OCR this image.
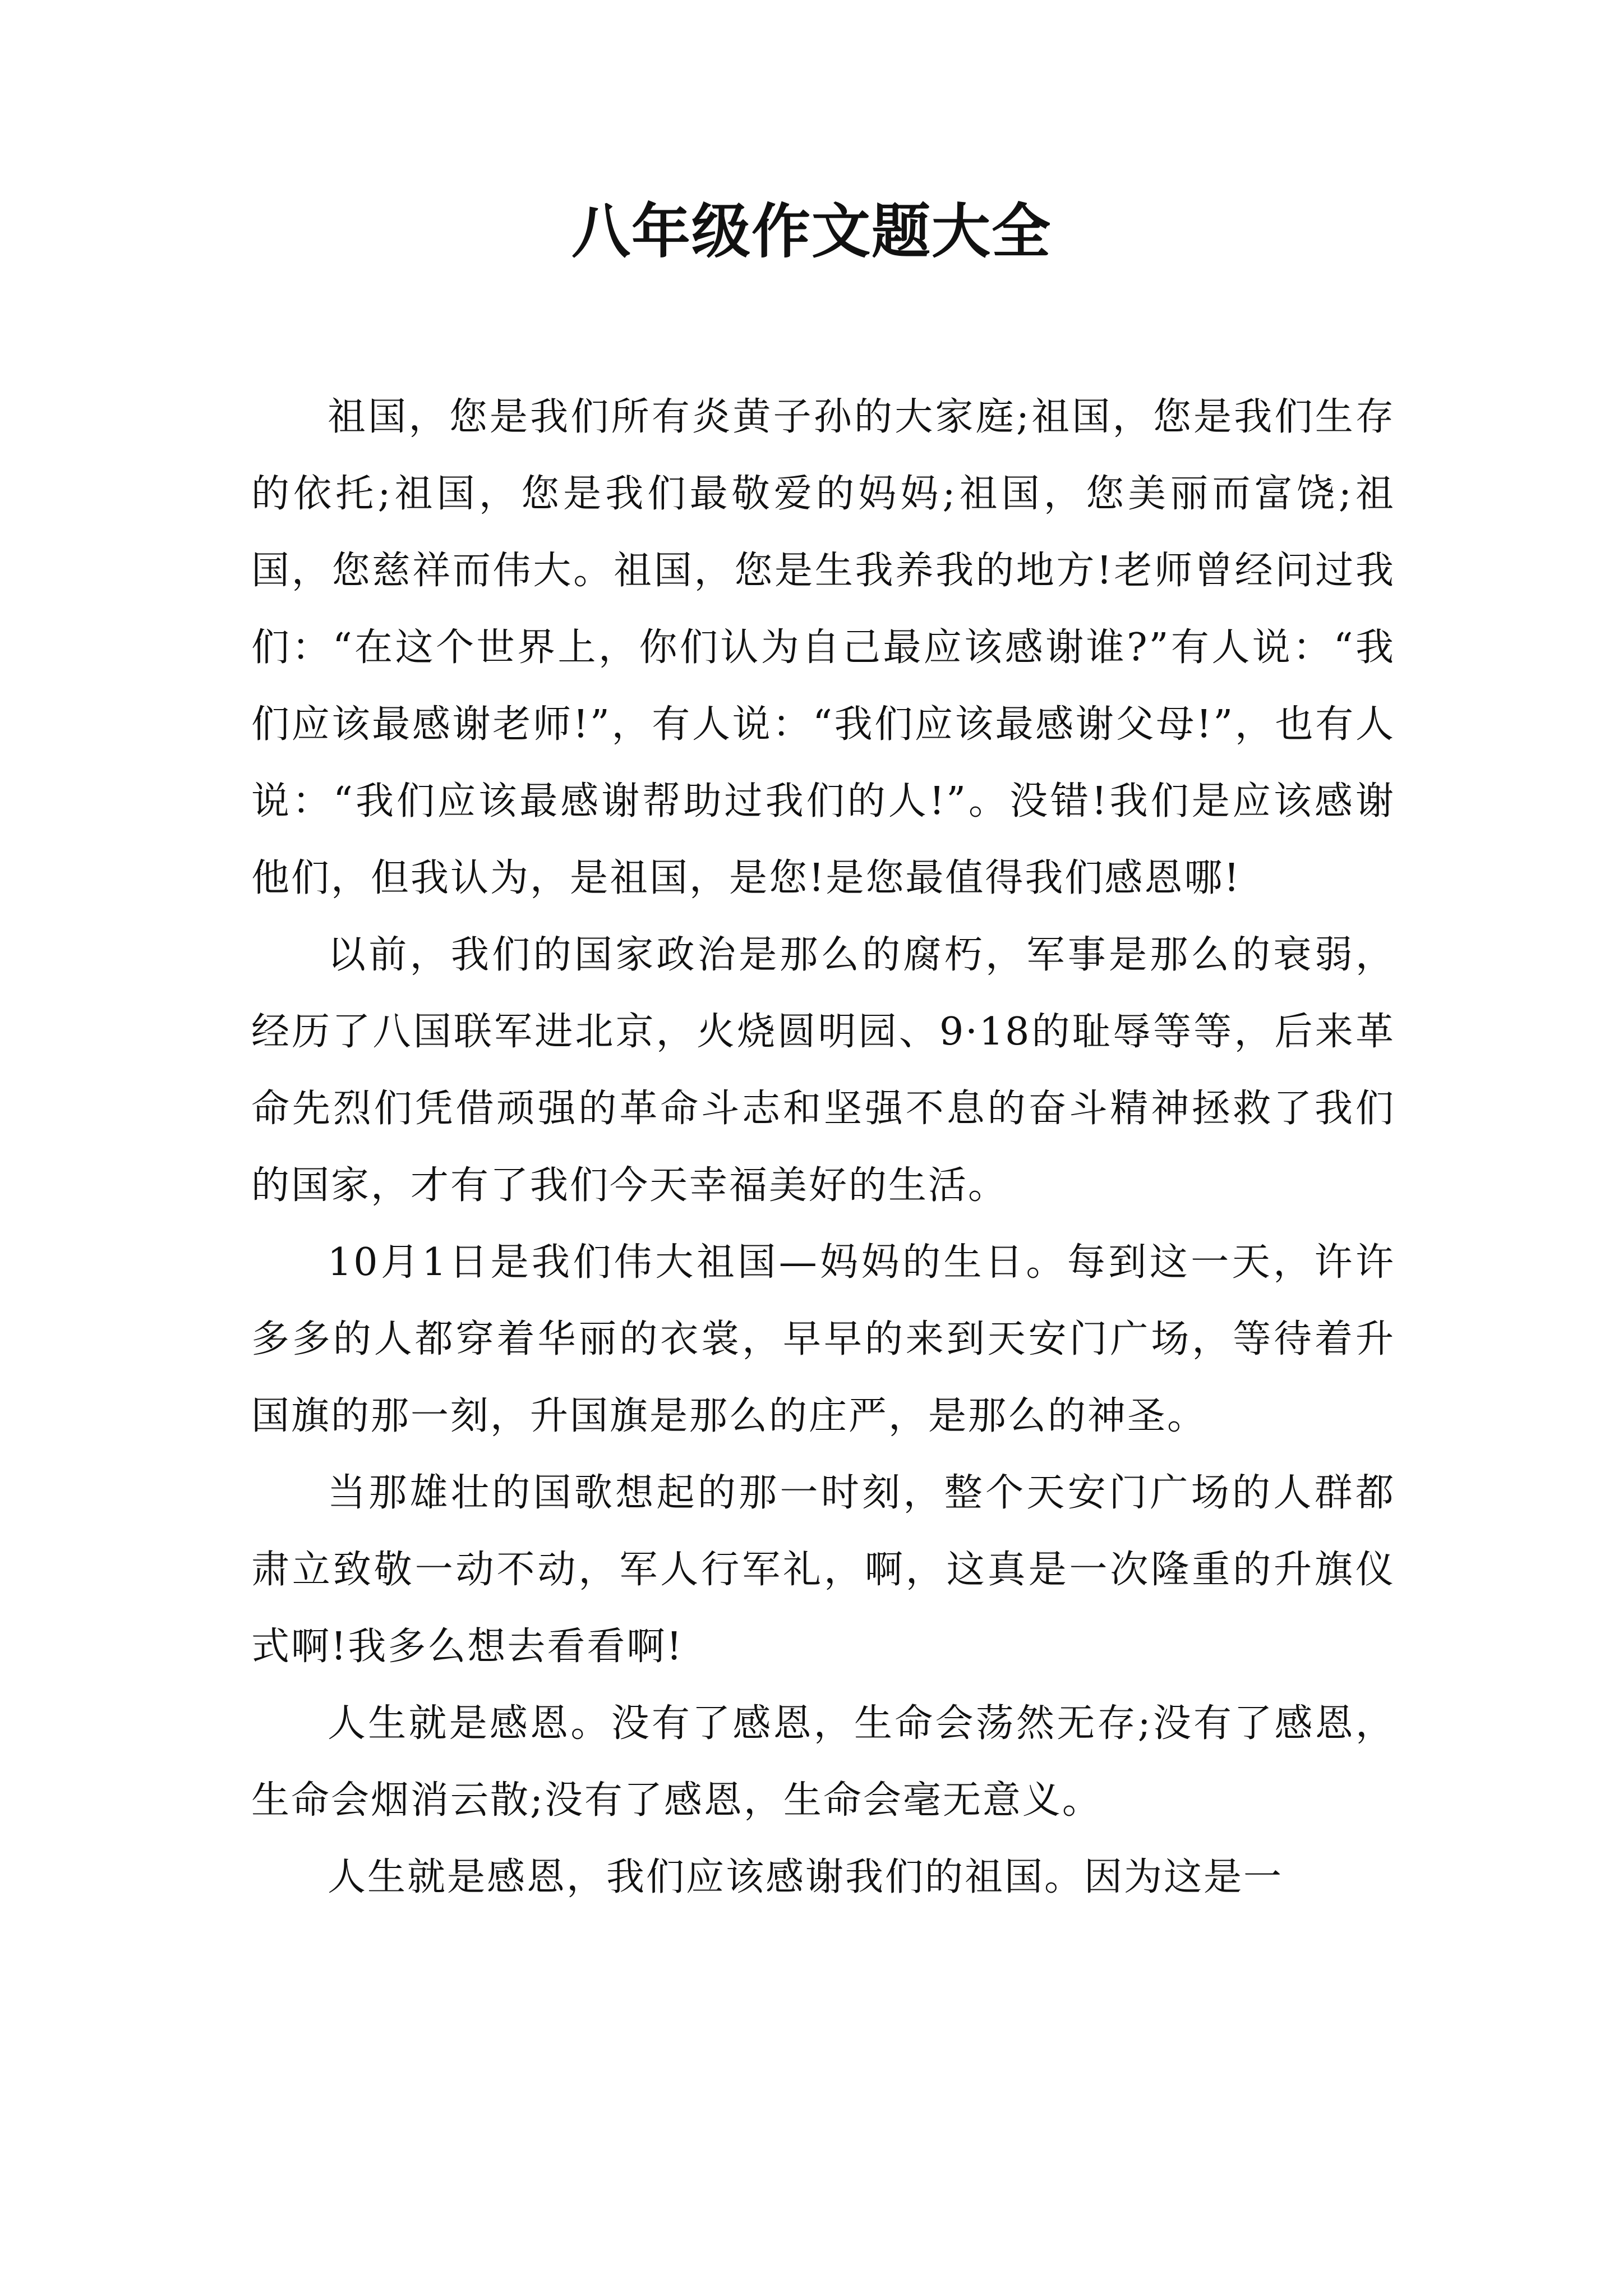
八年级作文题大全

祖国，您是我们所有炎黄子孙的大家庭;祖国，您是我们生存的依托;祖国，您是我们最敬爱的妈妈;祖国，您美丽而富饶;祖国，您慈祥而伟大。祖国，您是生我养我的地方!老师曾经问过我们：“在这个世界上，你们认为自己最应该感谢谁?”有人说：“我们应该最感谢老师!”，有人说：“我们应该最感谢父母!”，也有人说：“我们应该最感谢帮助过我们的人!”。没错!我们是应该感谢他们，但我认为，是祖国，是您!是您最值得我们感恩哪!

以前，我们的国家政治是那么的腐朽，军事是那么的衰弱，经历了八国联军进北京，火烧圆明园、9·18的耻辱等等，后来革命先烈们凭借顽强的革命斗志和坚强不息的奋斗精神拯救了我们的国家，才有了我们今天幸福美好的生活。

10月1日是我们伟大祖国—妈妈的生日。每到这一天，许许多多的人都穿着华丽的衣裳，早早的来到天安门广场，等待着升国旗的那一刻，升国旗是那么的庄严，是那么的神圣。

当那雄壮的国歌想起的那一时刻，整个天安门广场的人群都肃立致敬一动不动，军人行军礼，啊，这真是一次隆重的升旗仪式啊!我多么想去看看啊!

人生就是感恩。没有了感恩，生命会荡然无存;没有了感恩，生命会烟消云散;没有了感恩，生命会毫无意义。

人生就是感恩，我们应该感谢我们的祖国。因为这是一
